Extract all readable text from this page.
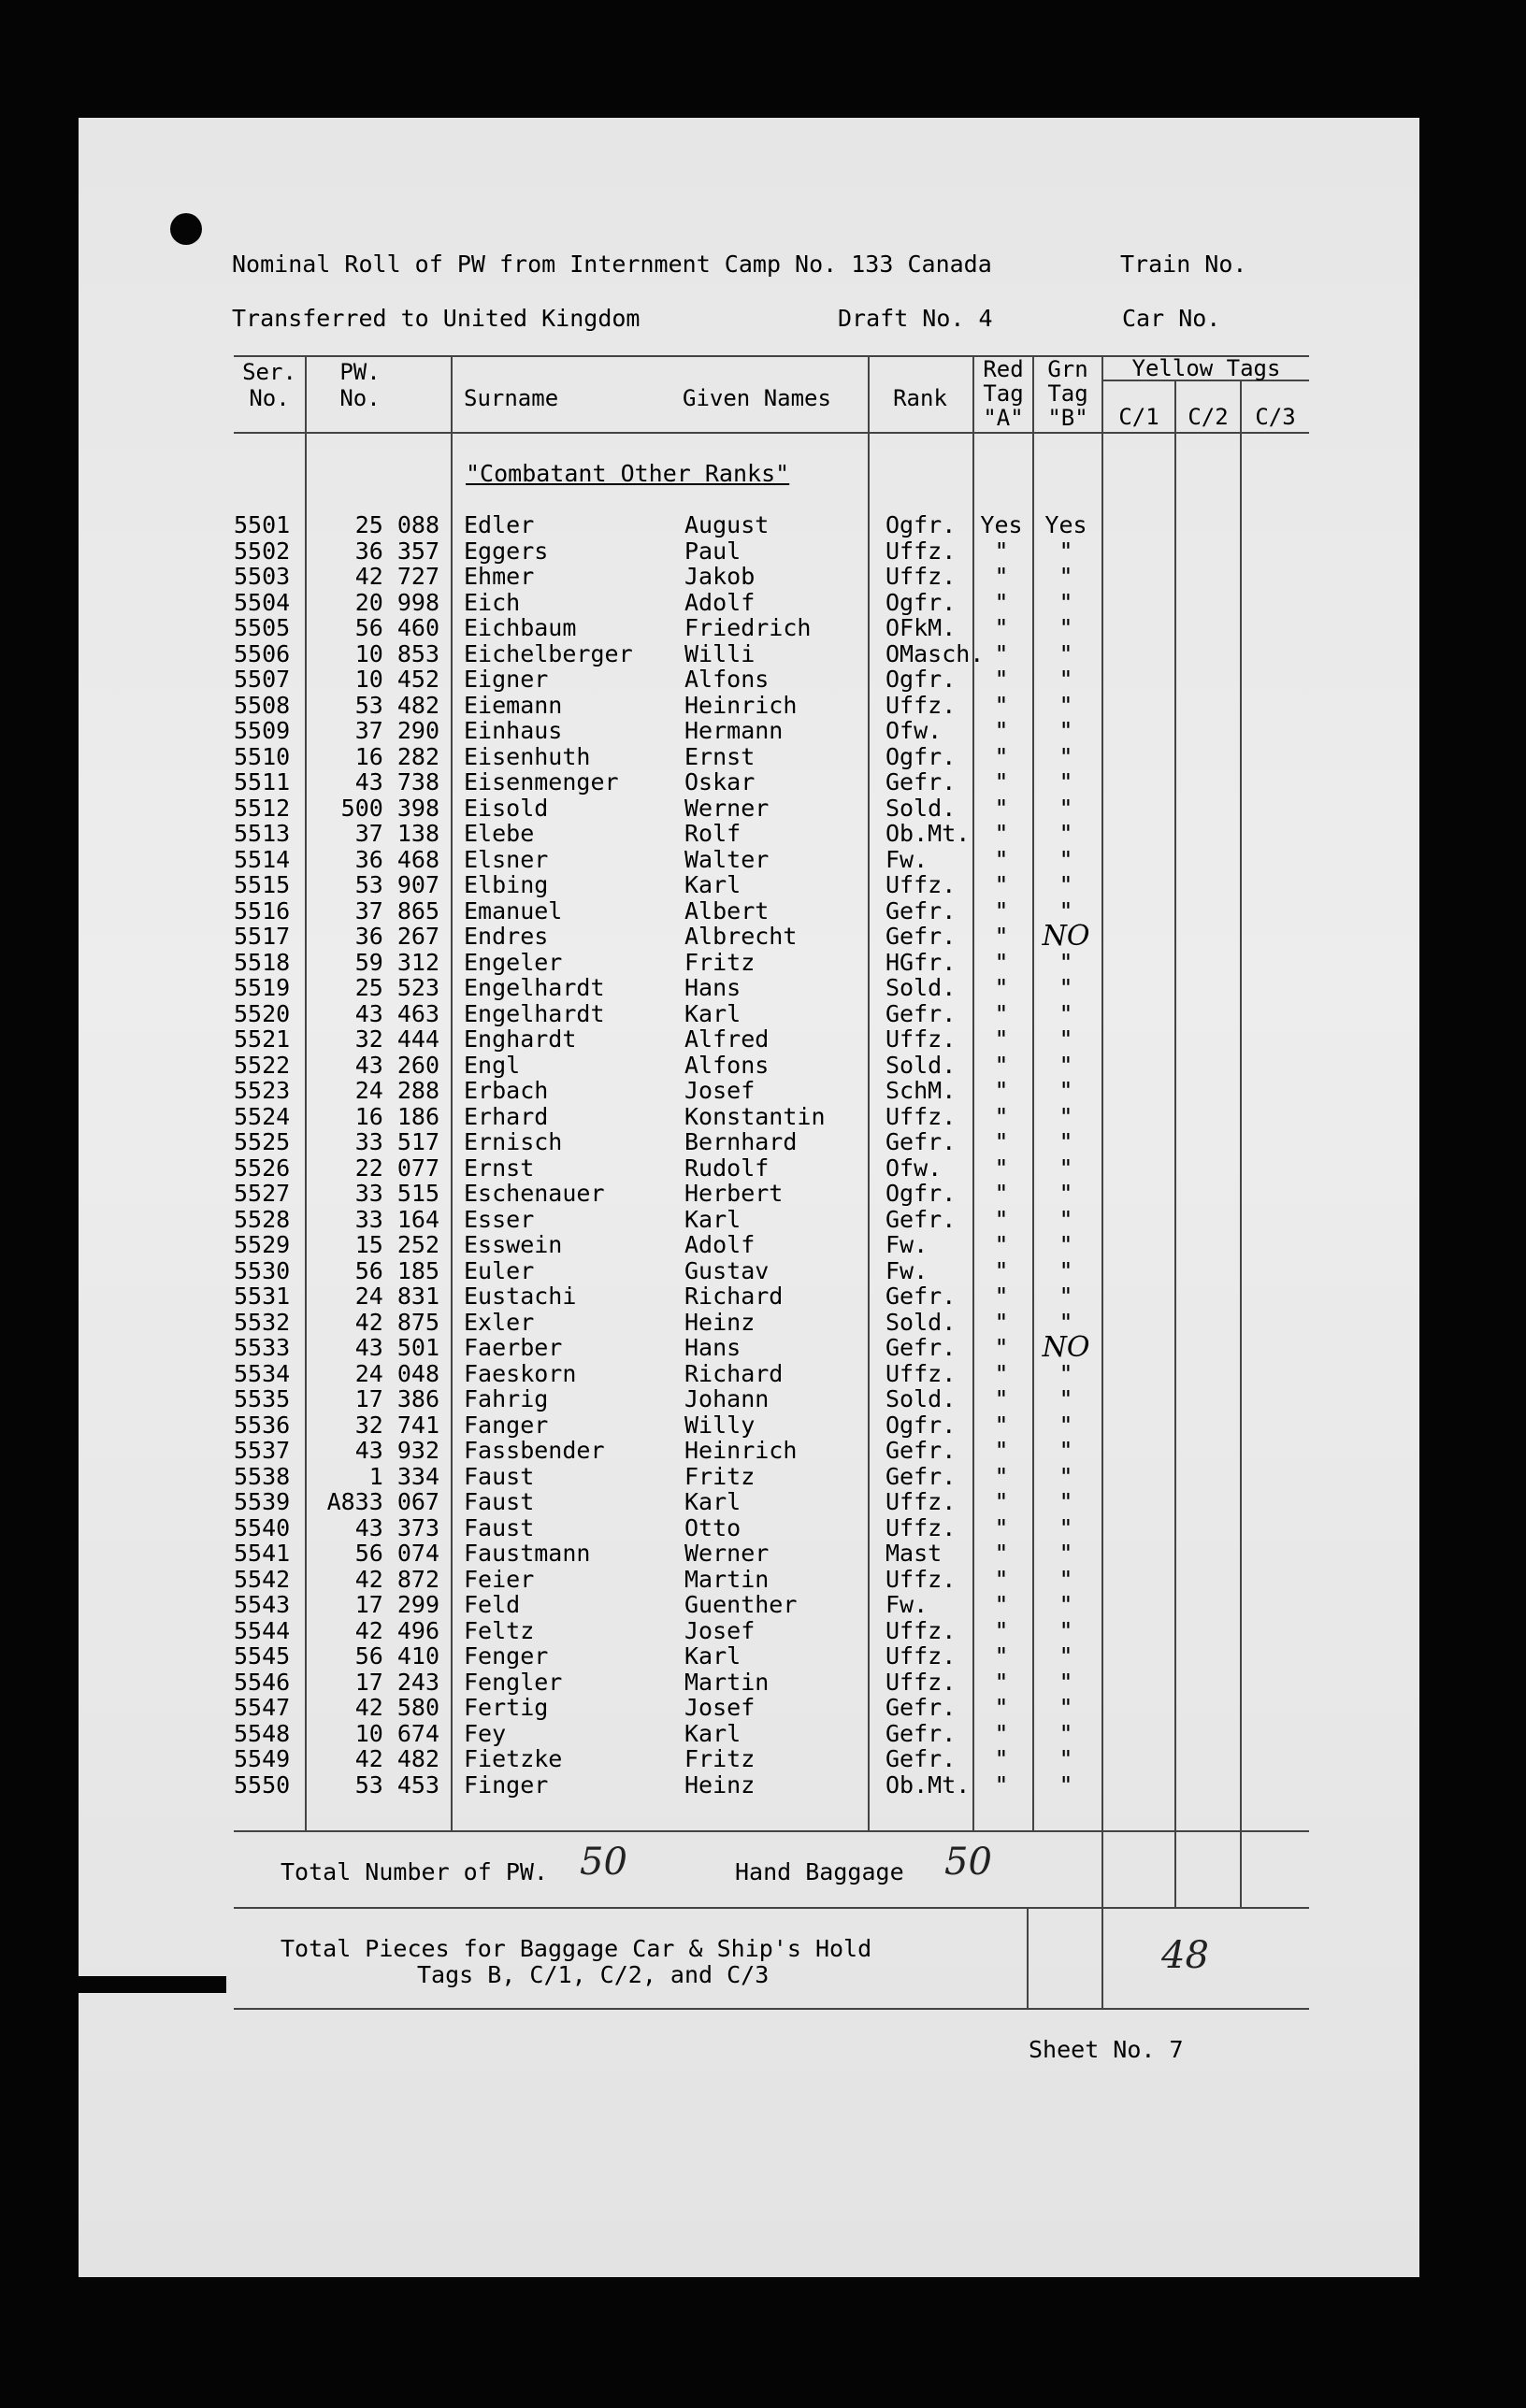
Nominal Roll of PW from Internment Camp No. 133 Canada	Train No.
Transferred to United Kingdom	Draft No. 4	Car No.
Ser.
No.
PW.
No.	Surname	Given Names	Rank
Red
Tag
"A"
Grn
Tag
"B"
Yellow Tags
C/1	C/2	C/3
"Combatant Other Ranks"
5501	25 088 Edler	August	Ogfr. Yes Yes
5502	36 357 Eggers	Paul	Uffz.	"	"
5503	42 727 Ehmer	Jakob	Uffz.	"	"
5504	20 998 Eich	Adolf	Ogfr.	"	"
5505	56 460 Eichbaum	Friedrich	OFkM.	"	"
5506	10 853 Eichelberger Willi	OMasch. "	"
5507	10 452 Eigner	Alfons	Ogfr.	"	"
5508	53 482 Eiemann	Heinrich	Uffz.	"	"
5509	37 290 Einhaus	Hermann	Ofw.	"	"
5510	16 282 Eisenhuth	Ernst	Ogfr.	"	"
5511	43 738 Eisenmenger	Oskar	Gefr.	"	"
5512	500 398 Eisold	Werner	Sold.	"	"
5513	37 138 Elebe	Rolf	Ob.Mt.	"	"
5514	36 468 Elsner	Walter	Fw.	"	"
5515	53 907 Elbing	Karl	Uffz.	"	"
5516	37 865 Emanuel	Albert	Gefr.	"	"
5517	36 267 Endres	Albrecht	Gefr.	"	NO
5518	59 312 Engeler	Fritz	HGfr.	"	"
5519	25 523 Engelhardt	Hans	Sold.	"	"
5520	43 463 Engelhardt	Karl	Gefr.	"	"
5521	32 444 Enghardt	Alfred	Uffz.	"	"
5522	43 260 Engl	Alfons	Sold.	"	"
5523	24 288 Erbach	Josef	SchM.	"	"
5524	16 186 Erhard	Konstantin	Uffz.	"	"
5525	33 517 Ernisch	Bernhard	Gefr.	"	"
5526	22 077 Ernst	Rudolf	Ofw.	"	"
5527	33 515 Eschenauer	Herbert	Ogfr.	"	"
5528	33 164 Esser	Karl	Gefr.	"	"
5529	15 252 Esswein	Adolf	Fw.	"	"
5530	56 185 Euler	Gustav	Fw.	"	"
5531	24 831 Eustachi	Richard	Gefr.	"	"
5532	42 875 Exler	Heinz	Sold.	"	"
5533	43 501 Faerber	Hans	Gefr.	"	NO
5534	24 048 Faeskorn	Richard	Uffz.	"	"
5535	17 386 Fahrig	Johann	Sold.	"	"
5536	32 741 Fanger	Willy	Ogfr.	"	"
5537	43 932 Fassbender	Heinrich	Gefr.	"	"
5538	1 334 Faust	Fritz	Gefr.	"	"
5539	A833 067 Faust	Karl	Uffz.	"	"
5540	43 373 Faust	Otto	Uffz.	"	"
5541	56 074 Faustmann	Werner	Mast	"	"
5542	42 872 Feier	Martin	Uffz.	"	"
5543	17 299 Feld	Guenther	Fw.	"	"
5544	42 496 Feltz	Josef	Uffz.	"	"
5545	56 410 Fenger	Karl	Uffz.	"	"
5546	17 243 Fengler	Martin	Uffz.	"	"
5547	42 580 Fertig	Josef	Gefr.	"	"
5548	10 674 Fey	Karl	Gefr.	"	"
5549	42 482 Fietzke	Fritz	Gefr.	"	"
5550	53 453 Finger	Heinz	Ob.Mt.	"	"
Total Number of PW. 50	Hand Baggage 50
Total Pieces for Baggage Car & Ship's Hold
Tags B, C/1, C/2, and C/3	48
Sheet No. 7
